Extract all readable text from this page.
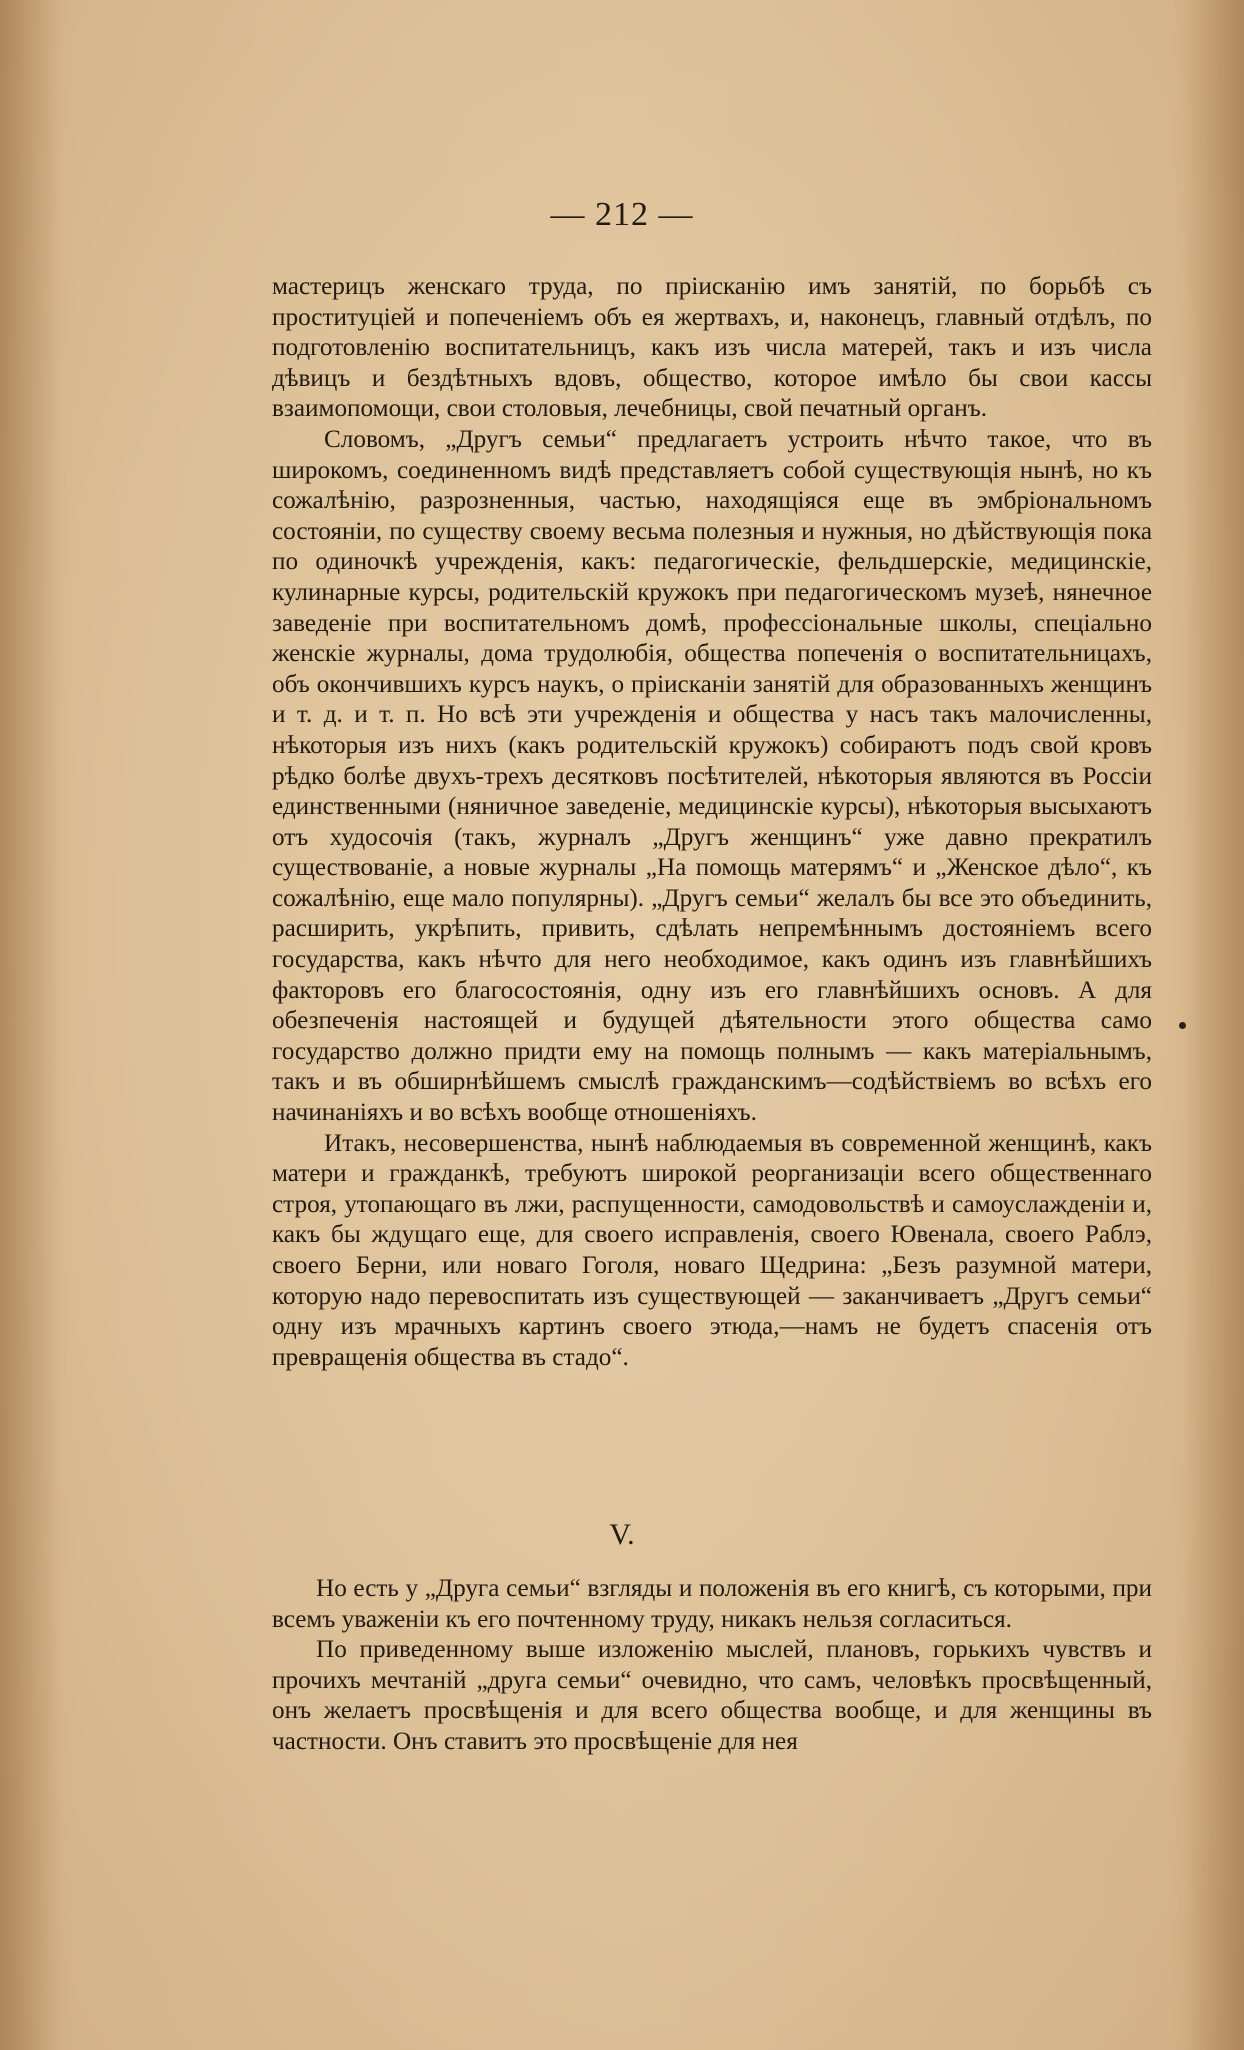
— 212 —

мастерицъ женскаго труда, по прiисканiю имъ занятiй, по борьбѣ съ проституцiей и попеченiемъ объ ея жертвахъ, и, наконецъ, главный отдѣлъ, по подготовленiю воспитательницъ, какъ изъ числа матерей, такъ и изъ числа дѣвицъ и бездѣтныхъ вдовъ, общество, которое имѣло бы свои кассы взаимопомощи, свои столовыя, лечебницы, свой печатный органъ.

Словомъ, „Другъ семьи“ предлагаетъ устроить нѣчто такое, что въ широкомъ, соединенномъ видѣ представляетъ собой существующiя нынѣ, но къ сожалѣнiю, разрозненныя, частью, находящiяся еще въ эмбрiональномъ состоянiи, по существу своему весьма полезныя и нужныя, но дѣйствующiя пока по одиночкѣ учрежденiя, какъ: педагогическiе, фельдшерскiе, медицинскiе, кулинарные курсы, родительскiй кружокъ при педагогическомъ музеѣ, нянечное заведенiе при воспитательномъ домѣ, профессiональные школы, спецiально женскiе журналы, дома трудолюбiя, общества попеченiя о воспитательницахъ, объ окончившихъ курсъ наукъ, о прiисканiи занятiй для образованныхъ женщинъ и т. д. и т. п. Но всѣ эти учрежденiя и общества у насъ такъ малочисленны, нѣкоторыя изъ нихъ (какъ родительскiй кружокъ) собираютъ подъ свой кровъ рѣдко болѣе двухъ-трехъ десятковъ посѣтителей, нѣкоторыя являются въ Россiи единственными (няничное заведенiе, медицинскiе курсы), нѣкоторыя высыхаютъ отъ худосочiя (такъ, журналъ „Другъ женщинъ“ уже давно прекратилъ существованiе, а новые журналы „На помощь матерямъ“ и „Женское дѣло“, къ сожалѣнiю, еще мало популярны). „Другъ семьи“ желалъ бы все это объединить, расширить, укрѣпить, привить, сдѣлать непремѣннымъ достоянiемъ всего государства, какъ нѣчто для него необходимое, какъ одинъ изъ главнѣйшихъ факторовъ его благосостоянiя, одну изъ его главнѣйшихъ основъ. А для обезпеченiя настоящей и будущей дѣятельности этого общества само государство должно придти ему на помощь полнымъ — какъ матерiальнымъ, такъ и въ обширнѣйшемъ смыслѣ гражданскимъ—содѣйствiемъ во всѣхъ его начинанiяхъ и во всѣхъ вообще отношенiяхъ.

Итакъ, несовершенства, нынѣ наблюдаемыя въ современной женщинѣ, какъ матери и гражданкѣ, требуютъ широкой реорганизацiи всего общественнаго строя, утопающаго въ лжи, распущенности, самодовольствѣ и самоуслажденiи и, какъ бы ждущаго еще, для своего исправленiя, своего Ювенала, своего Раблэ, своего Берни, или новаго Гоголя, новаго Щедрина: „Безъ разумной матери, которую надо перевоспитать изъ существующей — заканчиваетъ „Другъ семьи“ одну изъ мрачныхъ картинъ своего этюда,—намъ не будетъ спасенiя отъ превращенiя общества въ стадо“.

V.

Но есть у „Друга семьи“ взгляды и положенiя въ его книгѣ, съ которыми, при всемъ уваженiи къ его почтенному труду, никакъ нельзя согласиться.

По приведенному выше изложенiю мыслей, плановъ, горькихъ чувствъ и прочихъ мечтанiй „друга семьи“ очевидно, что самъ, человѣкъ просвѣщенный, онъ желаетъ просвѣщенiя и для всего общества вообще, и для женщины въ частности. Онъ ставитъ это просвѣщенiе для нея
